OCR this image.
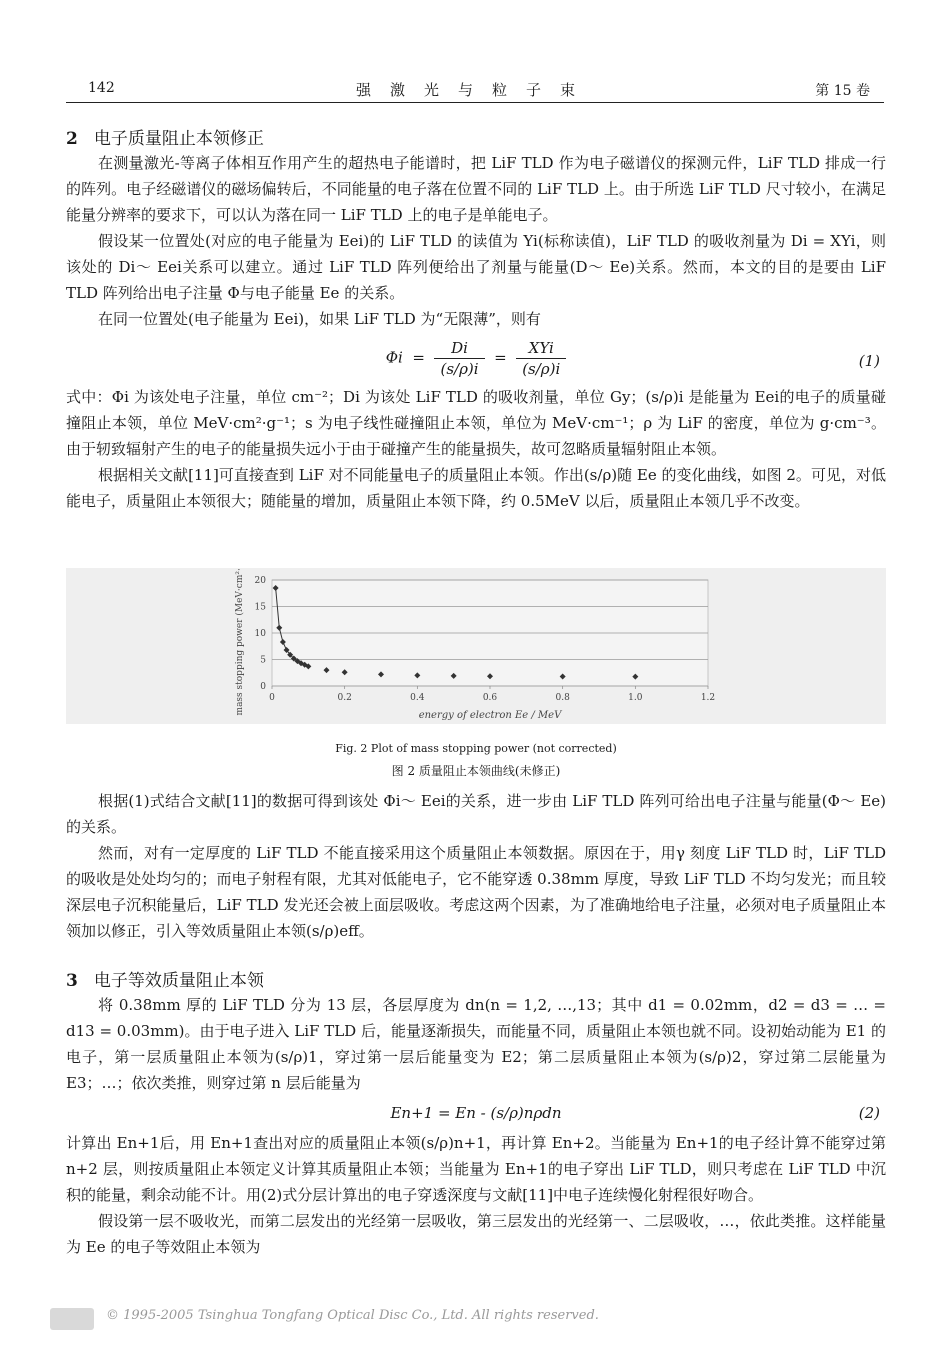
142	强激光与粒子束	第 15 卷
2 电子质量阻止本领修正

在测量激光-等离子体相互作用产生的超热电子能谱时，把 LiF TLD 作为电子磁谱仪的探测元件，LiF TLD 排成一行的阵列。电子经磁谱仪的磁场偏转后，不同能量的电子落在位置不同的 LiF TLD 上。由于所选 LiF TLD 尺寸较小，在满足能量分辨率的要求下，可以认为落在同一 LiF TLD 上的电子是单能电子。

假设某一位置处(对应的电子能量为 Eei)的 LiF TLD 的读值为 Yi(标称读值)，LiF TLD 的吸收剂量为 Di = XYi，则该处的 Di～ Eei关系可以建立。通过 LiF TLD 阵列便给出了剂量与能量(D～ Ee)关系。然而，本文的目的是要由 LiF TLD 阵列给出电子注量 Φ与电子能量 Ee 的关系。

在同一位置处(电子能量为 Eei)，如果 LiF TLD 为“无限薄”，则有

$\Phi i = \frac{Di}{(s/\rho)i} = \frac{\text{XYi}}{(s/\rho)i}$	(1)

式中：Φi 为该处电子注量，单位 cm⁻²；Di 为该处 LiF TLD 的吸收剂量，单位 Gy；(s/ρ)i 是能量为 Eei的电子的质量碰撞阻止本领，单位 MeV·cm²·g⁻¹；s 为电子线性碰撞阻止本领，单位为 MeV·cm⁻¹；ρ 为 LiF 的密度，单位为 g·cm⁻³。由于轫致辐射产生的电子的能量损失远小于由于碰撞产生的能量损失，故可忽略质量辐射阻止本领。

根据相关文献[11]可直接查到 LiF 对不同能量电子的质量阻止本领。作出(s/ρ)随 Ee 的变化曲线，如图 2。可见，对低能电子，质量阻止本领很大；随能量的增加，质量阻止本领下降，约 0.5MeV 以后，质量阻止本领几乎不改变。

0
5
10
15
20
0	0.2	0.4	0.6	0.8	1.0	1.2
energy of electron Ee / MeV
mass stopping power (MeV·cm²·g⁻¹)
Fig. 2 Plot of mass stopping power (not corrected)
图 2 质量阻止本领曲线(未修正)

根据(1)式结合文献[11]的数据可得到该处 Φi～ Eei的关系，进一步由 LiF TLD 阵列可给出电子注量与能量(Φ～ Ee)的关系。

然而，对有一定厚度的 LiF TLD 不能直接采用这个质量阻止本领数据。原因在于，用γ 刻度 LiF TLD 时，LiF TLD 的吸收是处处均匀的；而电子射程有限，尤其对低能电子，它不能穿透 0.38mm 厚度，导致 LiF TLD 不均匀发光；而且较深层电子沉积能量后，LiF TLD 发光还会被上面层吸收。考虑这两个因素，为了准确地给电子注量，必须对电子质量阻止本领加以修正，引入等效质量阻止本领(s/ρ)eff。

3 电子等效质量阻止本领

将 0.38mm 厚的 LiF TLD 分为 13 层，各层厚度为 dn(n = 1,2, …,13；其中 d1 = 0.02mm，d2 = d3 = … = d13 = 0.03mm)。由于电子进入 LiF TLD 后，能量逐渐损失，而能量不同，质量阻止本领也就不同。设初始动能为 E1 的电子，第一层质量阻止本领为(s/ρ)1，穿过第一层后能量变为 E2；第二层质量阻止本领为(s/ρ)2，穿过第二层能量为 E3；…；依次类推，则穿过第 n 层后能量为

En+1 = En - (s/ρ)nρdn	(2)

计算出 En+1后，用 En+1查出对应的质量阻止本领(s/ρ)n+1，再计算 En+2。当能量为 En+1的电子经计算不能穿过第 n+2 层，则按质量阻止本领定义计算其质量阻止本领；当能量为 En+1的电子穿出 LiF TLD，则只考虑在 LiF TLD 中沉积的能量，剩余动能不计。用(2)式分层计算出的电子穿透深度与文献[11]中电子连续慢化射程很好吻合。

假设第一层不吸收光，而第二层发出的光经第一层吸收，第三层发出的光经第一、二层吸收，…，依此类推。这样能量为 Ee 的电子等效阻止本领为

© 1995-2005 Tsinghua Tongfang Optical Disc Co., Ltd. All rights reserved.
